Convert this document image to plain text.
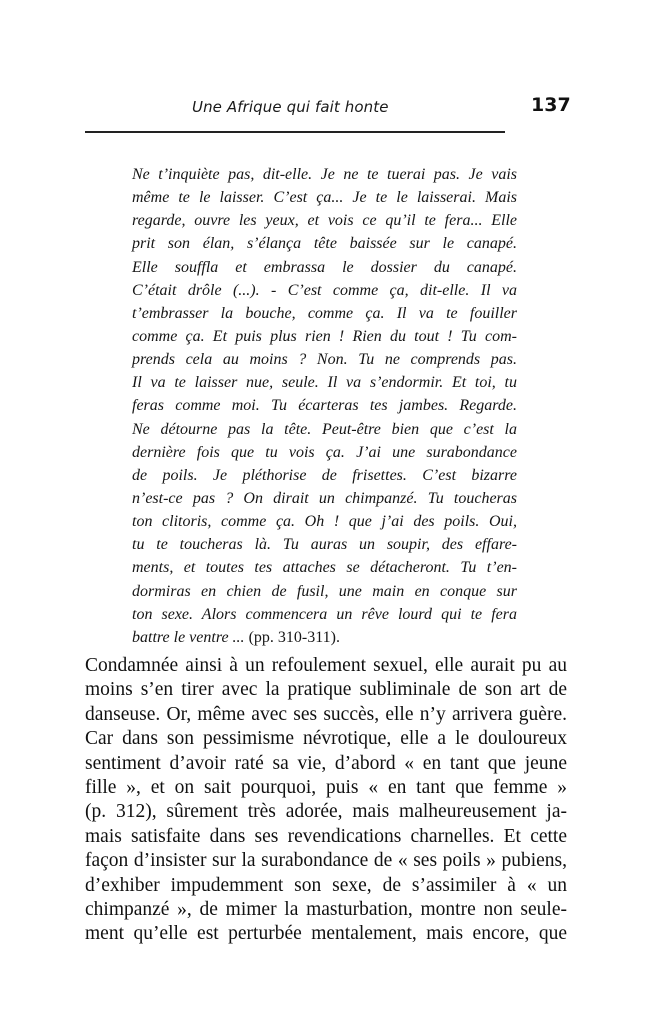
Une Afrique qui fait honte	137
Ne t’inquiète pas, dit-elle. Je ne te tuerai pas. Je vais
même te le laisser. C’est ça... Je te le laisserai. Mais
regarde, ouvre les yeux, et vois ce qu’il te fera... Elle
prit son élan, s’élança tête baissée sur le canapé.
Elle souffla et embrassa le dossier du canapé.
C’était drôle (...). - C’est comme ça, dit-elle. Il va
t’embrasser la bouche, comme ça. Il va te fouiller
comme ça. Et puis plus rien ! Rien du tout ! Tu com-
prends cela au moins ? Non. Tu ne comprends pas.
Il va te laisser nue, seule. Il va s’endormir. Et toi, tu
feras comme moi. Tu écarteras tes jambes. Regarde.
Ne détourne pas la tête. Peut-être bien que c’est la
dernière fois que tu vois ça. J’ai une surabondance
de poils. Je pléthorise de frisettes. C’est bizarre
n’est-ce pas ? On dirait un chimpanzé. Tu toucheras
ton clitoris, comme ça. Oh ! que j’ai des poils. Oui,
tu te toucheras là. Tu auras un soupir, des effare-
ments, et toutes tes attaches se détacheront. Tu t’en-
dormiras en chien de fusil, une main en conque sur
ton sexe. Alors commencera un rêve lourd qui te fera
battre le ventre ... (pp. 310-311).
Condamnée ainsi à un refoulement sexuel, elle aurait pu au
moins s’en tirer avec la pratique subliminale de son art de
danseuse. Or, même avec ses succès, elle n’y arrivera guère.
Car dans son pessimisme névrotique, elle a le douloureux
sentiment d’avoir raté sa vie, d’abord « en tant que jeune
fille », et on sait pourquoi, puis « en tant que femme »
(p. 312), sûrement très adorée, mais malheureusement ja-
mais satisfaite dans ses revendications charnelles. Et cette
façon d’insister sur la surabondance de « ses poils » pubiens,
d’exhiber impudemment son sexe, de s’assimiler à « un
chimpanzé », de mimer la masturbation, montre non seule-
ment qu’elle est perturbée mentalement, mais encore, que
